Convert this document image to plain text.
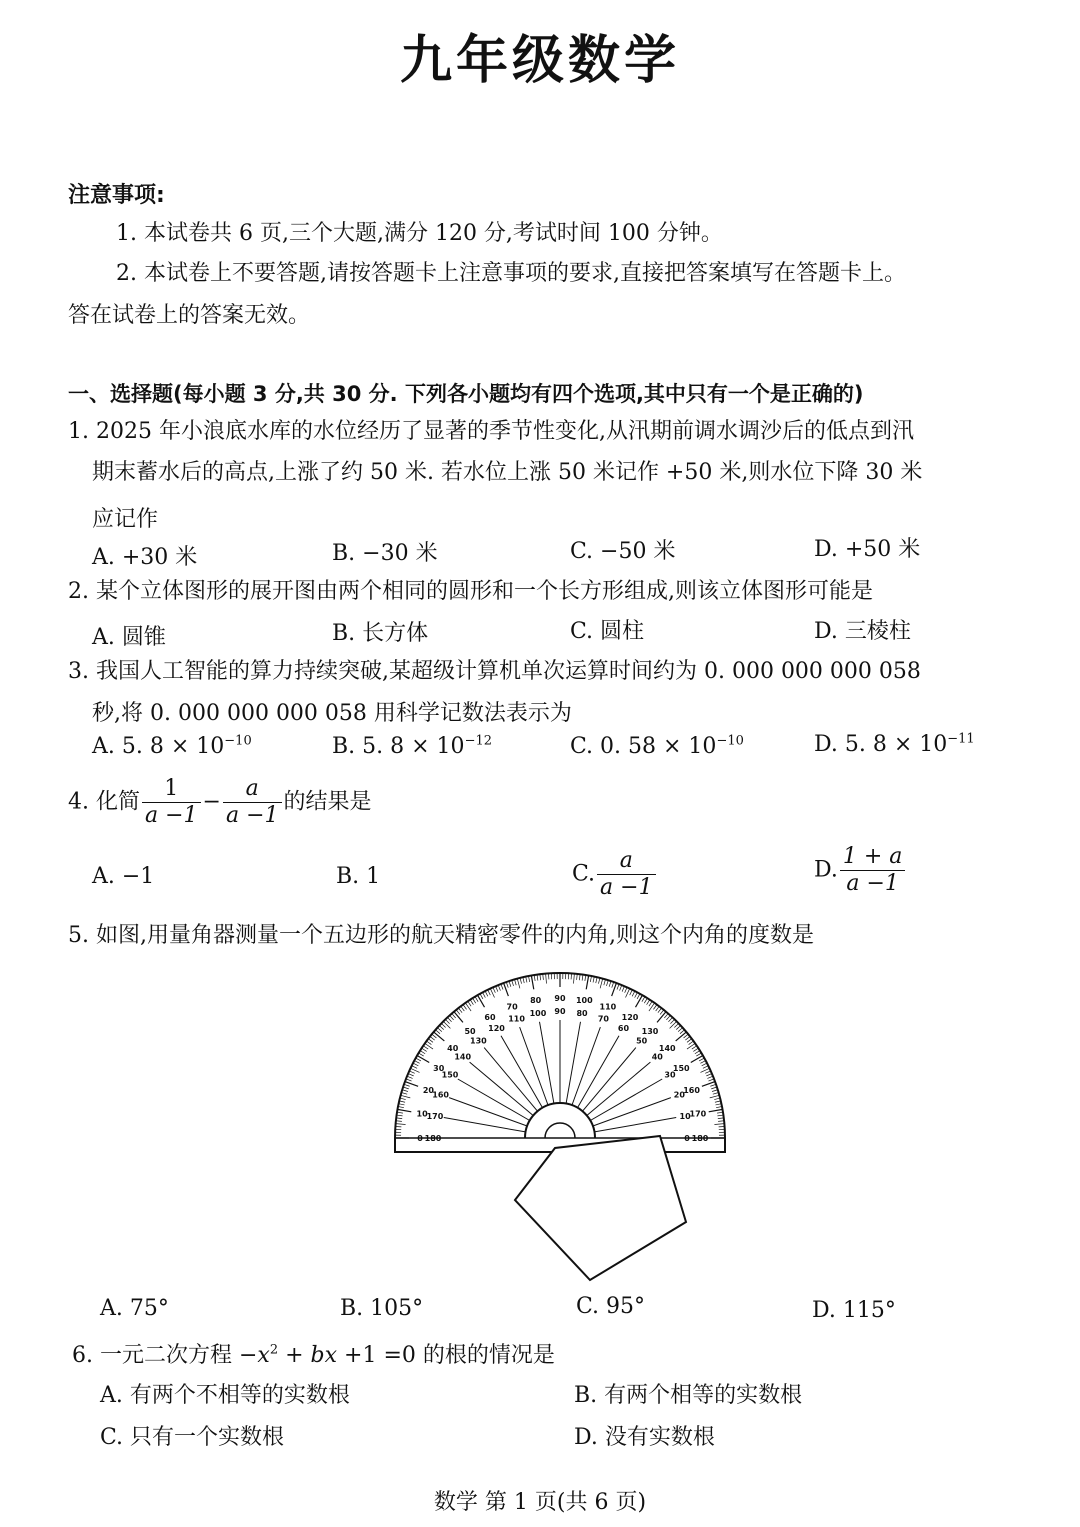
九年级数学
注意事项:
1. 本试卷共 6 页,三个大题,满分 120 分,考试时间 100 分钟。
2. 本试卷上不要答题,请按答题卡上注意事项的要求,直接把答案填写在答题卡上。
答在试卷上的答案无效。
一、选择题(每小题 3 分,共 30 分. 下列各小题均有四个选项,其中只有一个是正确的)
1. 2025 年小浪底水库的水位经历了显著的季节性变化,从汛期前调水调沙后的低点到汛
期末蓄水后的高点,上涨了约 50 米. 若水位上涨 50 米记作 +50 米,则水位下降 30 米
应记作
A. +30 米	B. −30 米	C. −50 米	D. +50 米
2. 某个立体图形的展开图由两个相同的圆形和一个长方形组成,则该立体图形可能是
A. 圆锥	B. 长方体	C. 圆柱	D. 三棱柱
3. 我国人工智能的算力持续突破,某超级计算机单次运算时间约为 0. 000 000 000 058
秒,将 0. 000 000 000 058 用科学记数法表示为
A. 5. $8 \times 10^{-10}$	B. 5. $8 \times 10^{-12}$	C. 0. $58 \times 10^{-10}$	D. 5. $8 \times 10^{-11}$
4. 化简 $\frac{1}{a -1} - \frac{a}{a -1}$ 的结果是
A. −1	B. 1	C. $\frac{a}{a -1}$	D. $\frac{1 + a}{a -1}$
5. 如图,用量角器测量一个五边形的航天精密零件的内角,则这个内角的度数是
0 180
10
170
20
160
30
150
40
140
50
130
60
120
70
110
80
100
90
90
100
80
110
70 120
60 130
50
140
40
150
30
160
20
170
10
180
0
A. 75°	B. 105°	C. 95°	D. 115°
6. 一元二次方程 $-x^2$ + bx +1 =0 的根的情况是
A. 有两个不相等的实数根	B. 有两个相等的实数根
C. 只有一个实数根	D. 没有实数根
数学 第 1 页(共 6 页)
